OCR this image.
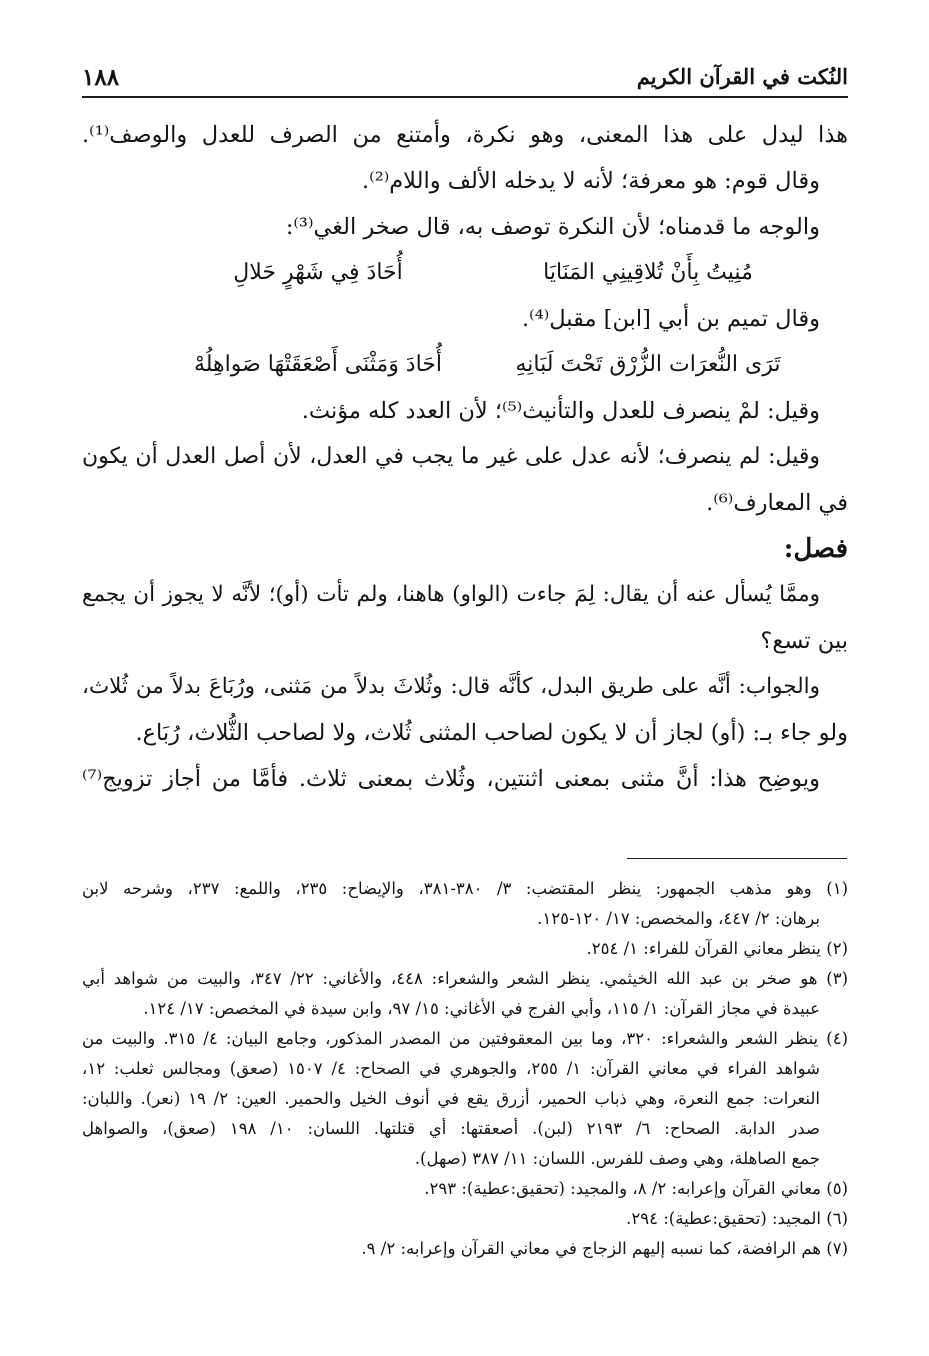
النُكت في القرآن الكريم
١٨٨
هذا ليدل على هذا المعنى، وهو نكرة، وأمتنع من الصرف للعدل والوصف⁽¹⁾.
وقال قوم: هو معرفة؛ لأنه لا يدخله الألف واللام⁽²⁾.
والوجه ما قدمناه؛ لأن النكرة توصف به، قال صخر الغي⁽³⁾:
مُنِيتُ بِأَنْ تُلاقِينِي المَنَايَا
أُحَادَ فِي شَهْرٍ حَلالِ
وقال تميم بن أبي [ابن] مقبل⁽⁴⁾.
تَرَى النُّعرَات الزُّرْق تَحْتَ لَبَانِهِ
أُحَادَ وَمَثْنَى أَصْعَقَتْهَا صَواهِلُهْ
وقيل: لمْ ينصرف للعدل والتأنيث⁽⁵⁾؛ لأن العدد كله مؤنث.
وقيل: لم ينصرف؛ لأنه عدل على غير ما يجب في العدل، لأن أصل العدل أن يكون
في المعارف⁽⁶⁾.
فصل:
وممَّا يُسأل عنه أن يقال: لِمَ جاءت (الواو) هاهنا، ولم تأت (أو)؛ لأنَّه لا يجوز أن يجمع
بين تسع؟
والجواب: أنَّه على طريق البدل، كأنَّه قال: وثُلاثَ بدلاً من مَثنى، ورُبَاعَ بدلاً من ثُلاث،
ولو جاء بـ: (أو) لجاز أن لا يكون لصاحب المثنى ثُلاث، ولا لصاحب الثُّلاث، رُبَاع.
ويوضِح هذا: أنَّ مثنى بمعنى اثنتين، وثُلاث بمعنى ثلاث. فأمَّا من أجاز تزويج⁽⁷⁾
(١) وهو مذهب الجمهور: ينظر المقتضب: ٣/ ٣٨٠-٣٨١، والإيضاح: ٢٣٥، واللمع: ٢٣٧، وشرحه لابن
برهان: ٢/ ٤٤٧، والمخصص: ١٧/ ١٢٠-١٢٥.
(٢) ينظر معاني القرآن للفراء: ١/ ٢٥٤.
(٣) هو صخر بن عبد الله الخيثمي. ينظر الشعر والشعراء: ٤٤٨، والأغاني: ٢٢/ ٣٤٧، والبيت من شواهد أبي
عبيدة في مجاز القرآن: ١/ ١١٥، وأبي الفرج في الأغاني: ١٥/ ٩٧، وابن سيدة في المخصص: ١٧/ ١٢٤.
(٤) ينظر الشعر والشعراء: ٣٢٠، وما بين المعقوفتين من المصدر المذكور، وجامع البيان: ٤/ ٣١٥. والبيت من
شواهد الفراء في معاني القرآن: ١/ ٢٥٥، والجوهري في الصحاح: ٤/ ١٥٠٧ (صعق) ومجالس ثعلب: ١٢،
النعرات: جمع النعرة، وهي ذباب الحمير، أزرق يقع في أنوف الخيل والحمير. العين: ٢/ ١٩ (نعر). واللبان:
صدر الدابة. الصحاح: ٦/ ٢١٩٣ (لبن). أصعقتها: أي قتلتها. اللسان: ١٠/ ١٩٨ (صعق)، والصواهل
جمع الصاهلة، وهي وصف للفرس. اللسان: ١١/ ٣٨٧ (صهل).
(٥) معاني القرآن وإعرابه: ٢/ ٨، والمجيد: (تحقيق:عطية): ٢٩٣.
(٦) المجيد: (تحقيق:عطية): ٢٩٤.
(٧) هم الرافضة، كما نسبه إليهم الزجاج في معاني القرآن وإعرابه: ٢/ ٩.
